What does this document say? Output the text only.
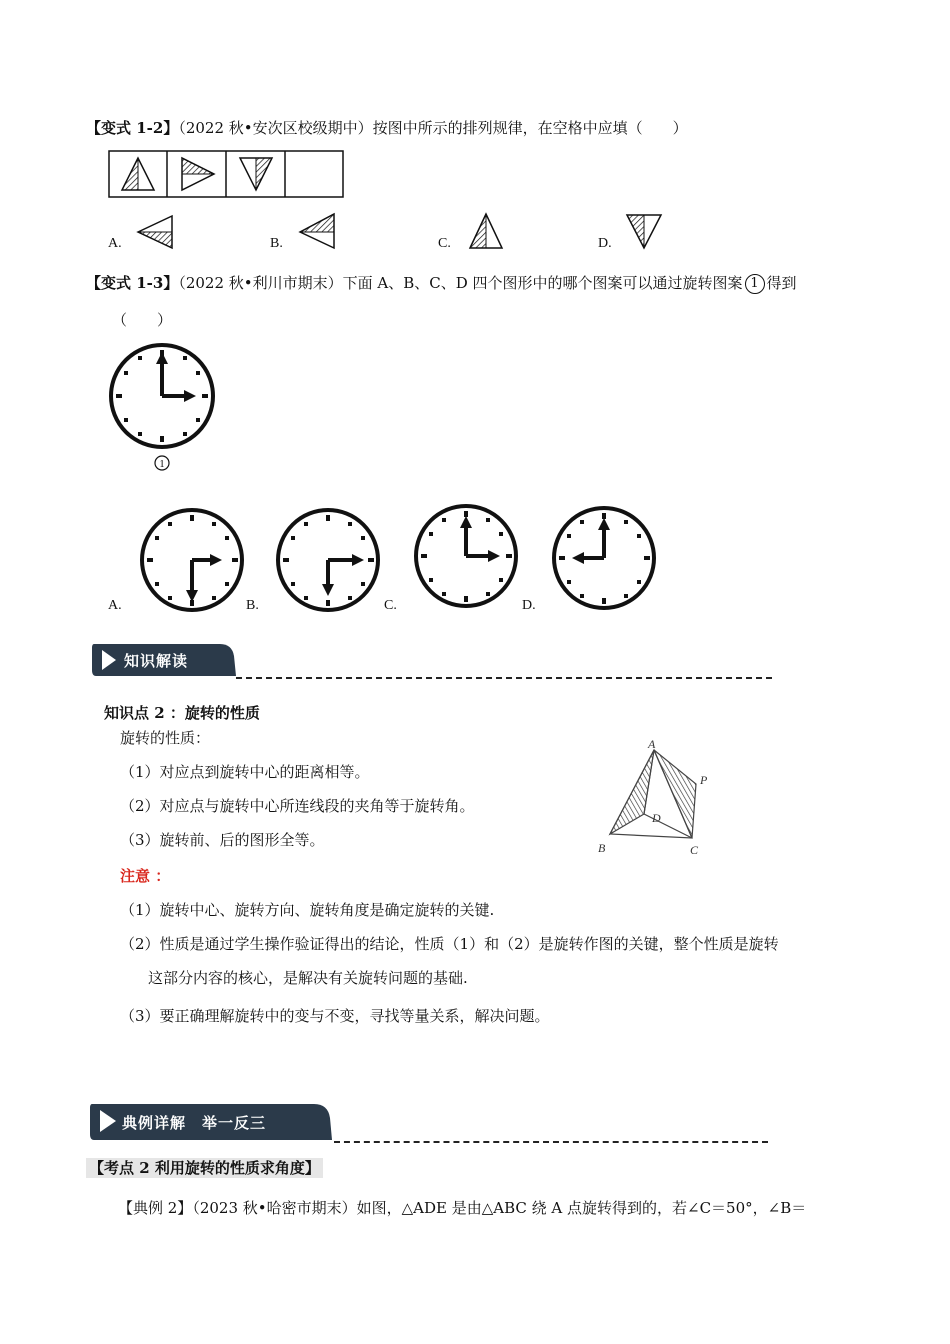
【变式 1-2】（2022 秋•安次区校级期中）按图中所示的排列规律，在空格中应填（　　）
A.	B.	C.	D.
【变式 1-3】（2022 秋•利川市期末）下面 A、B、C、D 四个图形中的哪个图案可以通过旋转图案 1 得到
（　　）
1
A.	B.	C.	D.
知识解读
知识点 2 ：旋转的性质
旋转的性质：
（1）对应点到旋转中心的距离相等。
（2）对应点与旋转中心所连线段的夹角等于旋转角。
（3）旋转前、后的图形全等。
注意 ：
（1）旋转中心、旋转方向、旋转角度是确定旋转的关键.
（2）性质是通过学生操作验证得出的结论，性质（1）和（2）是旋转作图的关键，整个性质是旋转
这部分内容的核心，是解决有关旋转问题的基础.
（3）要正确理解旋转中的变与不变，寻找等量关系，解决问题。
A
P
D
B	C
典例详解　举一反三
【考点 2 利用旋转的性质求角度】
【典例 2】（2023 秋•哈密市期末）如图，△ADE 是由△ABC 绕 A 点旋转得到的，若∠C＝50°，∠B＝
